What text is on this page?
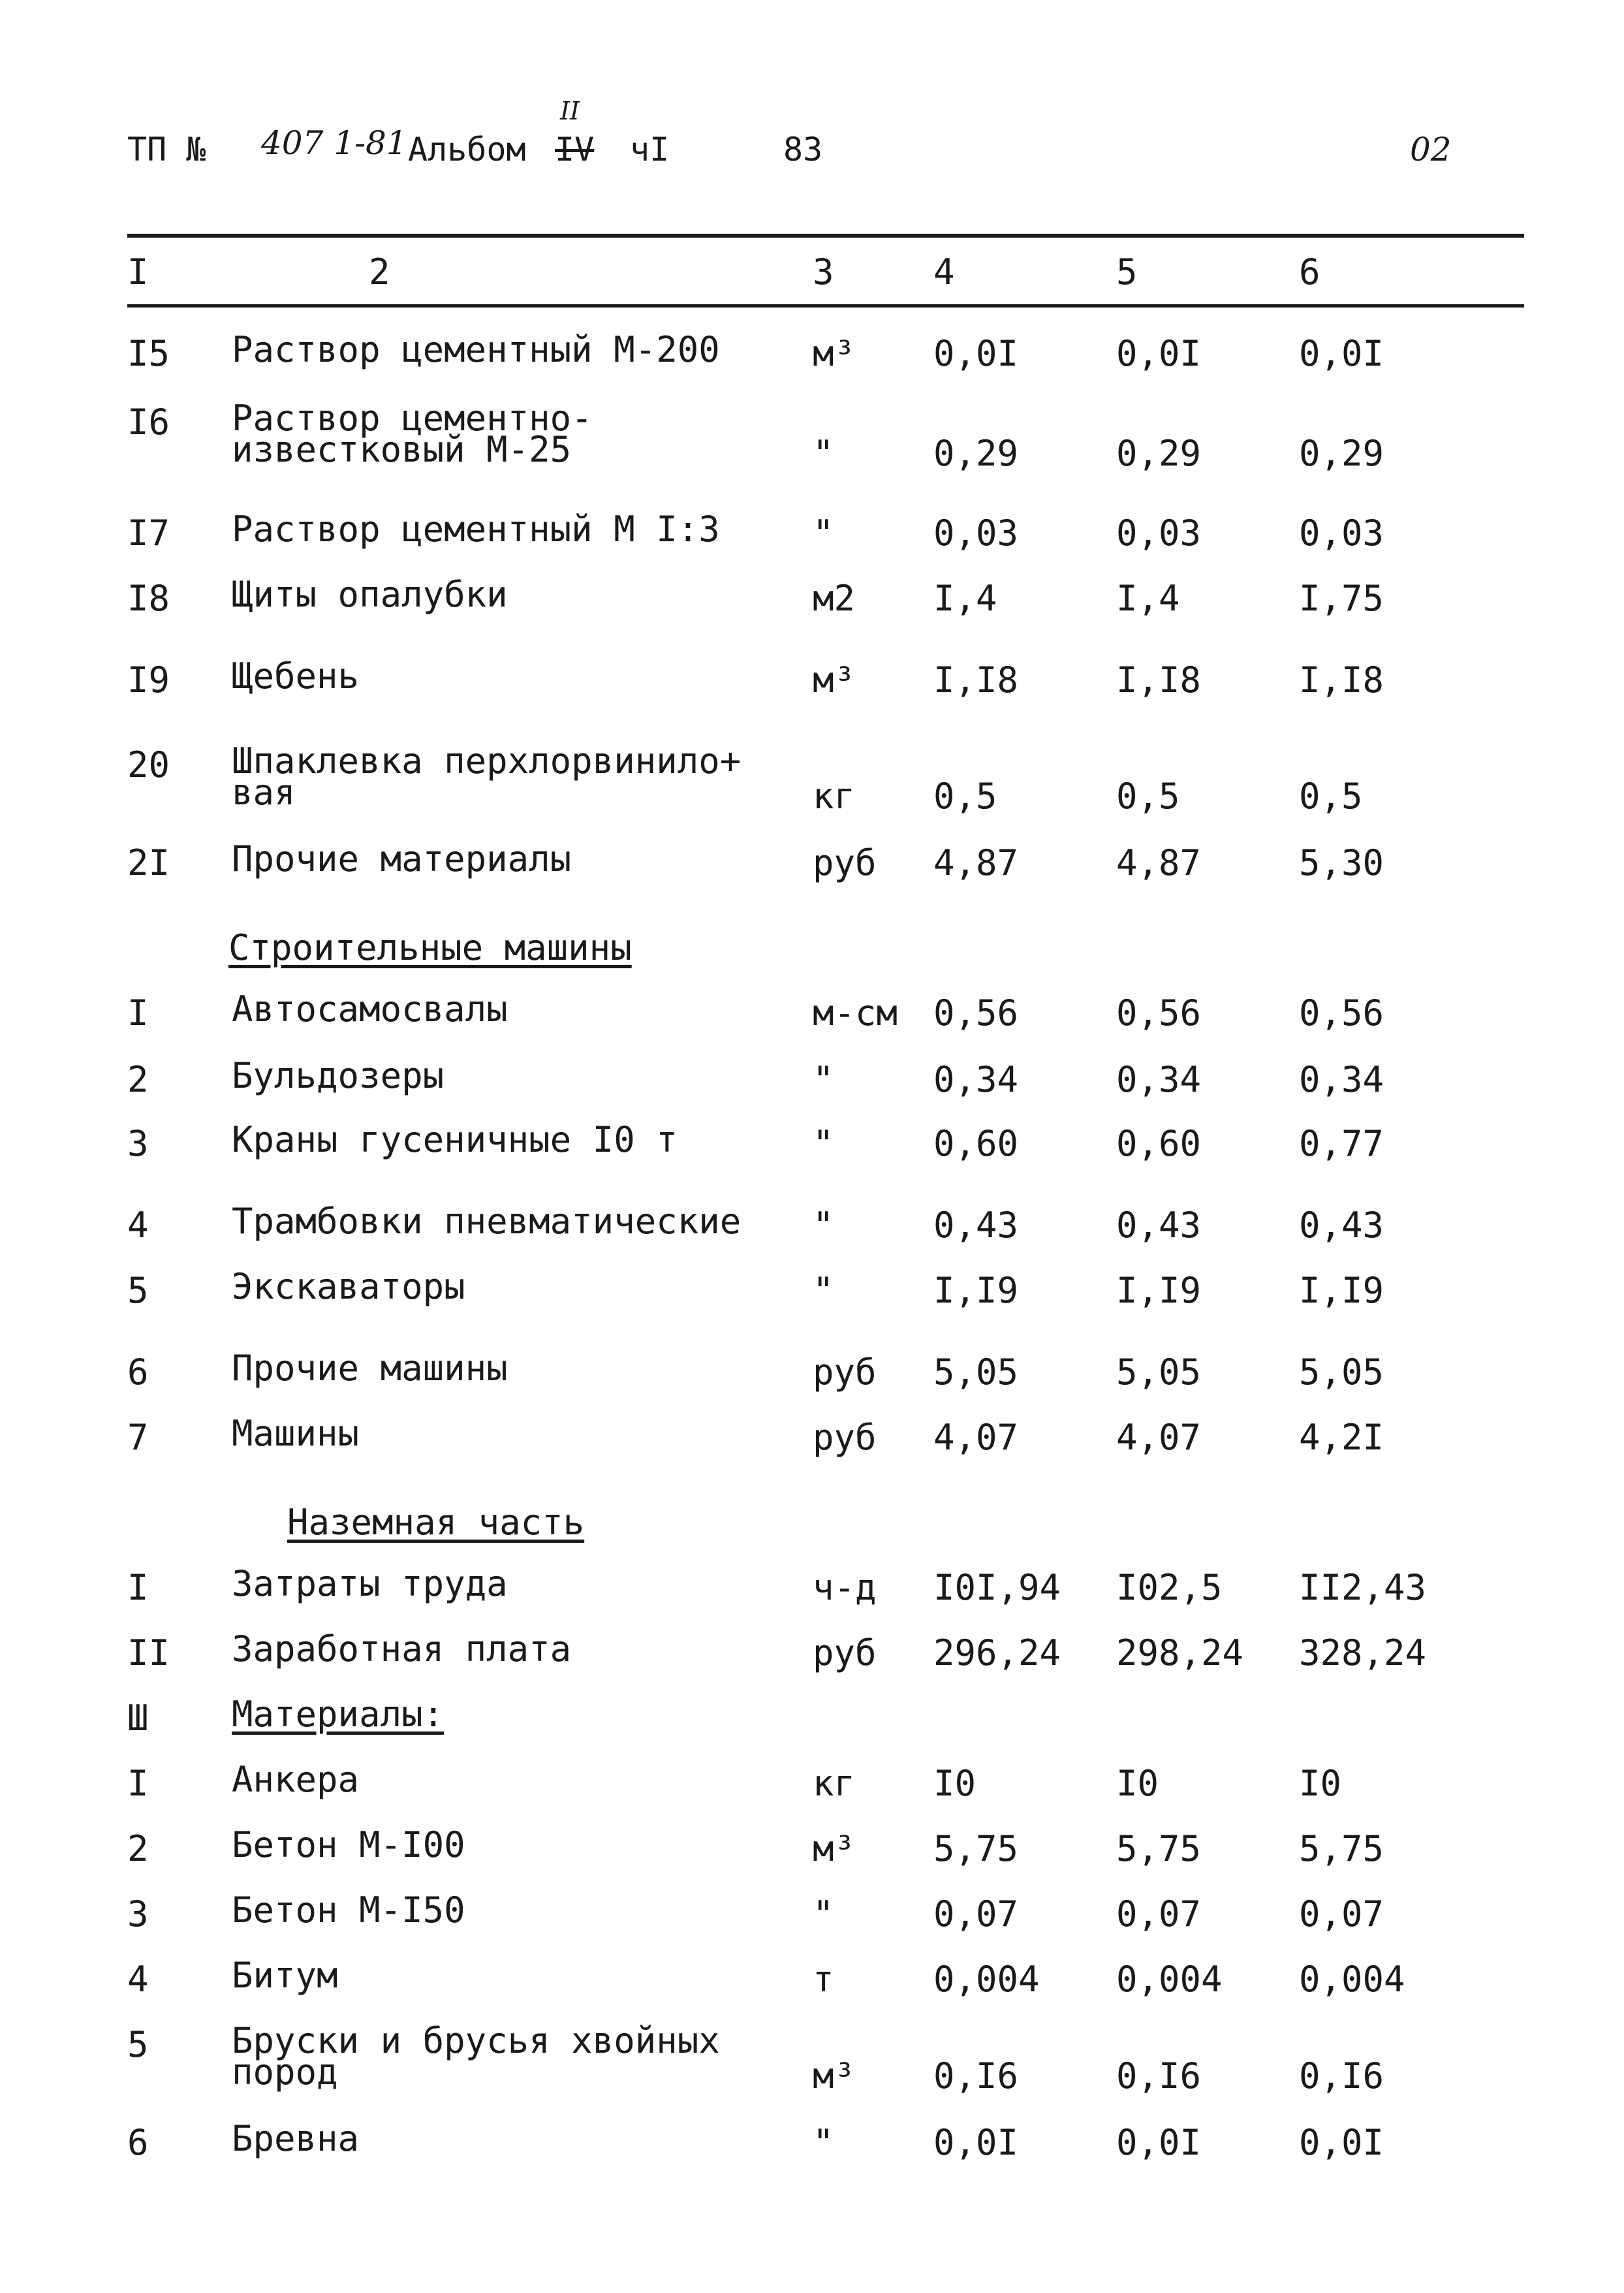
ТП № 407 1-81 Альбом
II
IV чI	83	02
I	2	3	4	5	6
I5 Раствор цементный М-200	м³ 0,0I	0,0I	0,0I
I6 Раствор цементно-
известковый М-25	"	0,29	0,29	0,29
I7 Раствор цементный М I:3	"	0,03	0,03	0,03
I8 Щиты опалубки	м2 I,4	I,4	I,75
I9 Щебень	м³ I,I8	I,I8	I,I8
20 Шпаклевка перхлорвинило+
вая	кг 0,5	0,5	0,5
2I Прочие материалы	руб 4,87	4,87	5,30
Строительные машины
I Автосамосвалы	м-см 0,56	0,56	0,56
2 Бульдозеры	"	0,34	0,34	0,34
3 Краны гусеничные I0 т	"	0,60	0,60	0,77
4 Трамбовки пневматические "	0,43	0,43	0,43
5 Экскаваторы	"	I,I9	I,I9	I,I9
6 Прочие машины	руб 5,05	5,05	5,05
7 Машины	руб 4,07	4,07	4,2I
Наземная часть
I Затраты труда	ч-д I0I,94 I02,5 II2,43
II Заработная плата	руб 296,24 298,24 328,24
Ш Материалы:
I Анкера	кг I0	I0	I0
2 Бетон М-I00	м³ 5,75	5,75	5,75
3 Бетон М-I50	"	0,07	0,07	0,07
4 Битум	т	0,004 0,004 0,004
5 Бруски и брусья хвойных
пород	м³ 0,I6	0,I6	0,I6
6 Бревна	"	0,0I	0,0I	0,0I
